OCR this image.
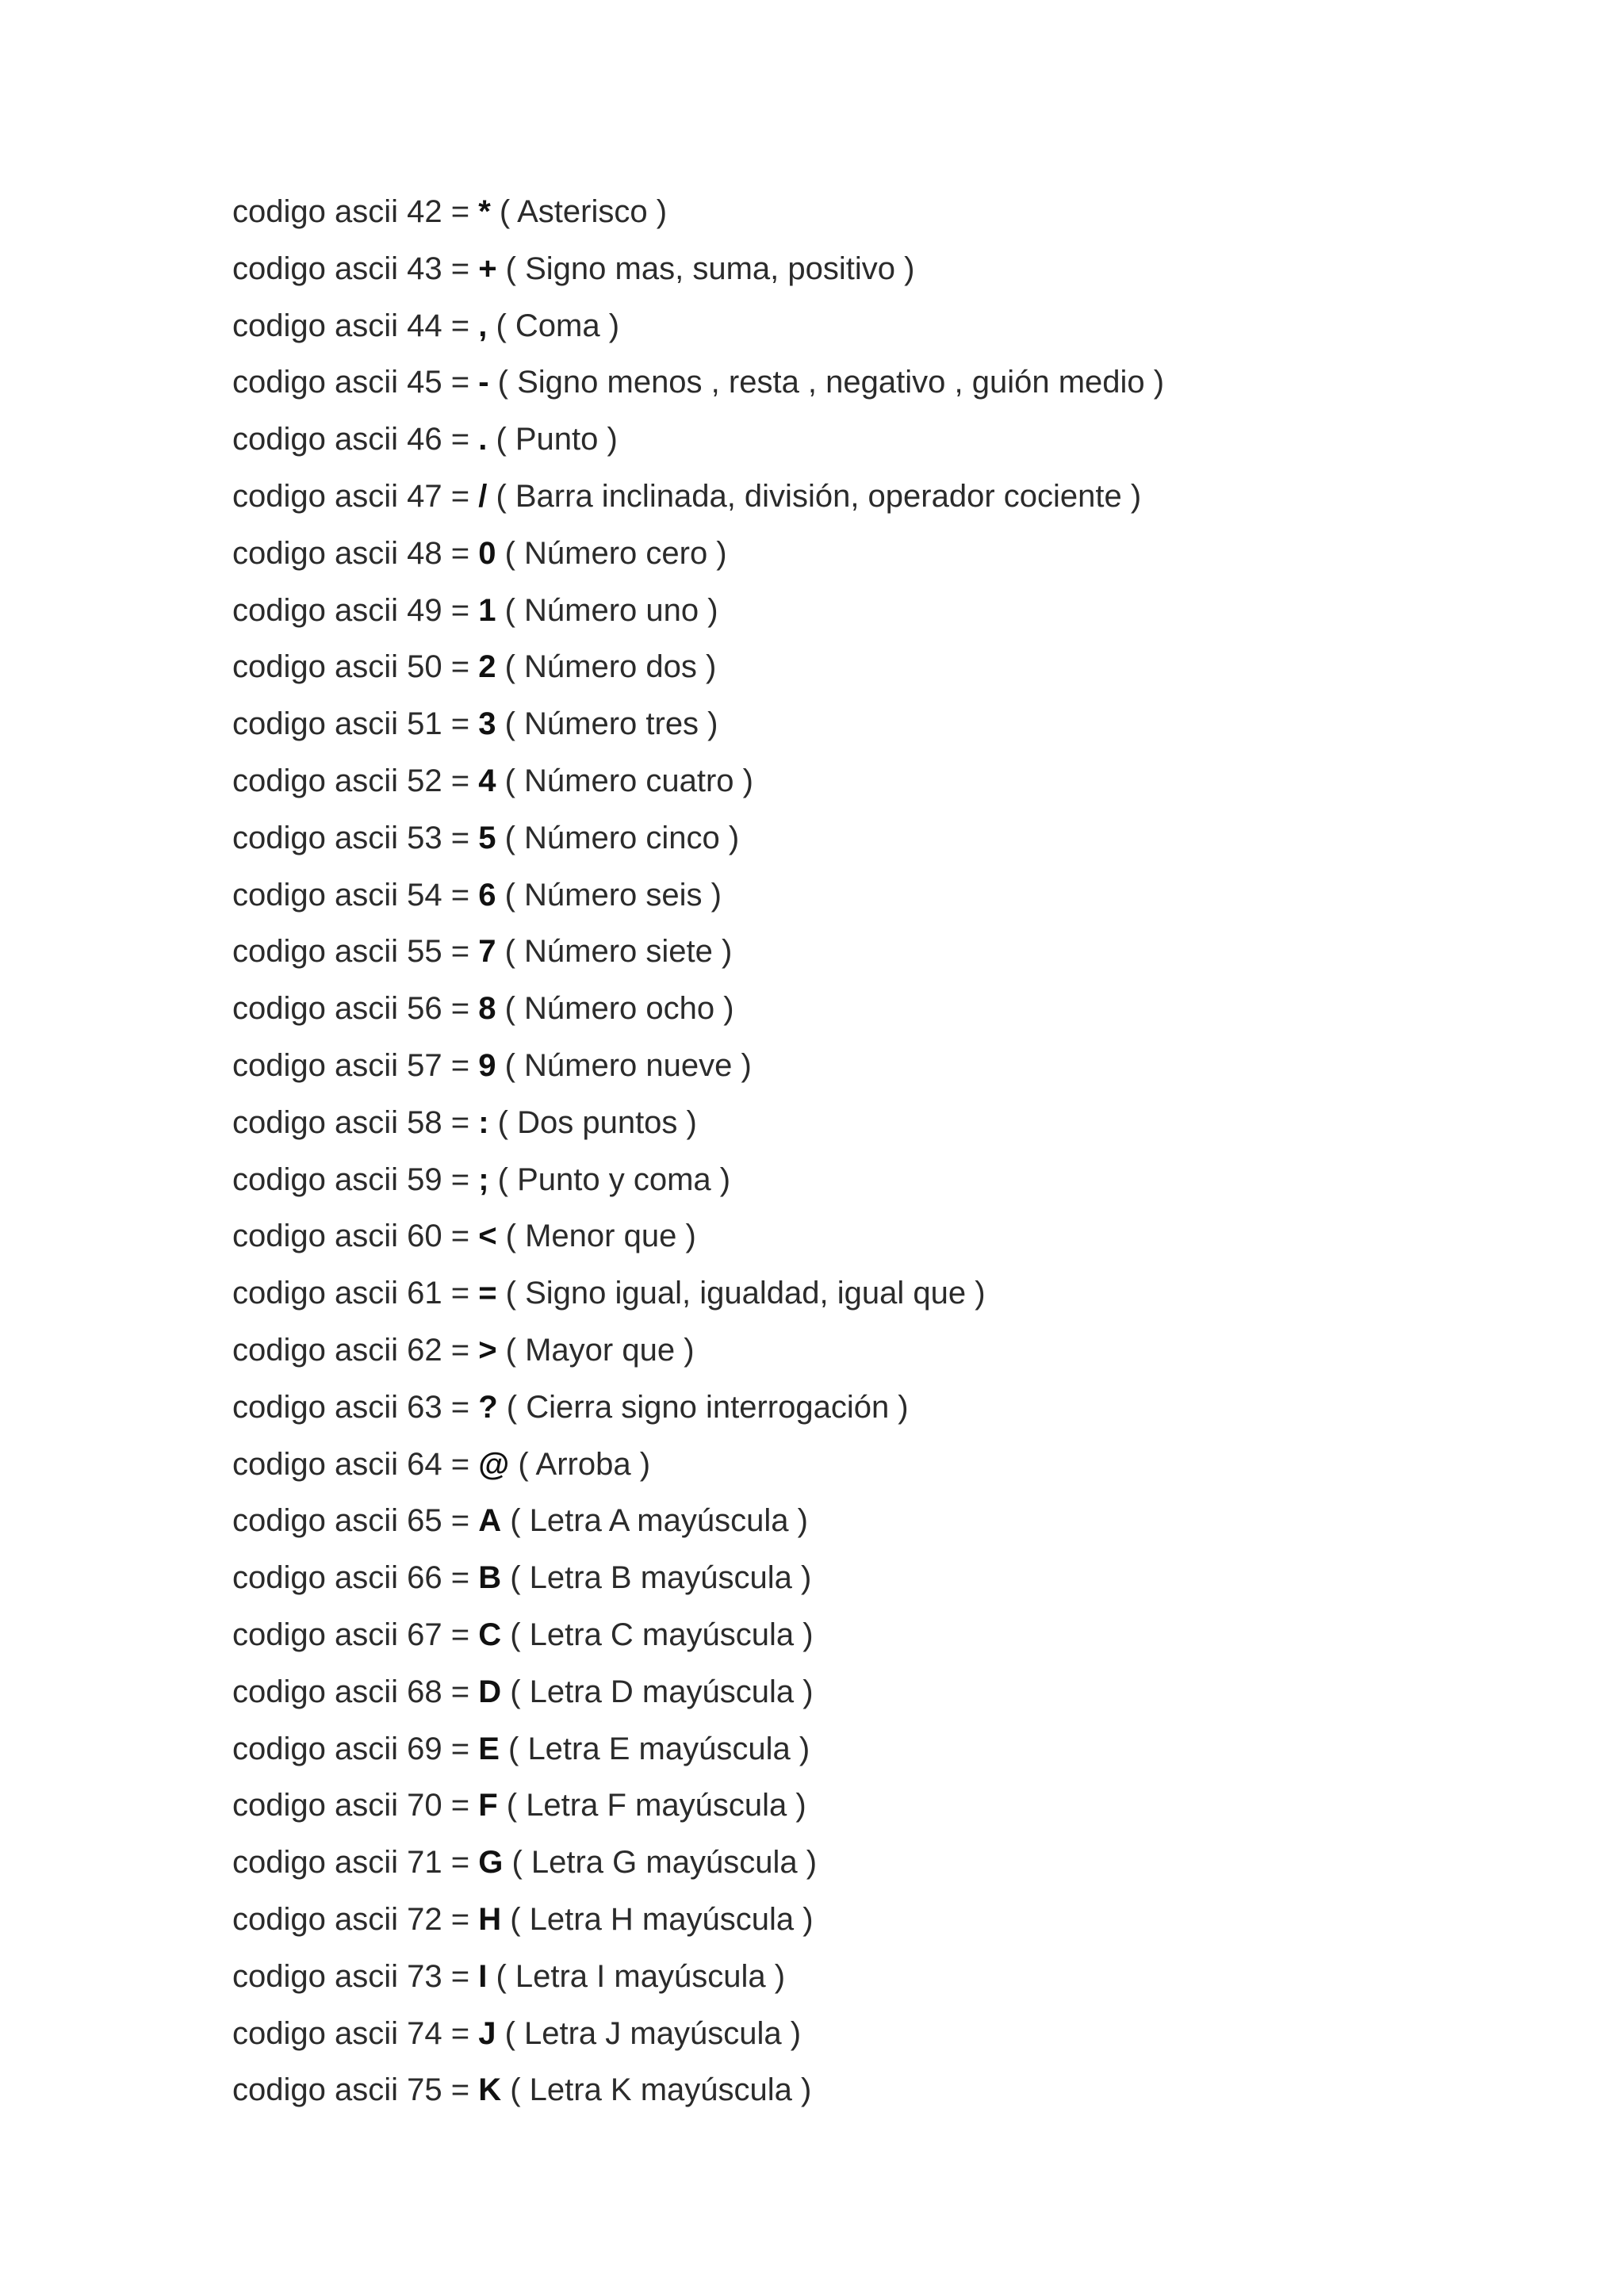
codigo ascii 42 = * ( Asterisco )
codigo ascii 43 = + ( Signo mas, suma, positivo )
codigo ascii 44 = , ( Coma )
codigo ascii 45 = - ( Signo menos , resta , negativo , guión medio )
codigo ascii 46 = . ( Punto )
codigo ascii 47 = / ( Barra inclinada, división, operador cociente )
codigo ascii 48 = 0 ( Número cero )
codigo ascii 49 = 1 ( Número uno )
codigo ascii 50 = 2 ( Número dos )
codigo ascii 51 = 3 ( Número tres )
codigo ascii 52 = 4 ( Número cuatro )
codigo ascii 53 = 5 ( Número cinco )
codigo ascii 54 = 6 ( Número seis )
codigo ascii 55 = 7 ( Número siete )
codigo ascii 56 = 8 ( Número ocho )
codigo ascii 57 = 9 ( Número nueve )
codigo ascii 58 = : ( Dos puntos )
codigo ascii 59 = ; ( Punto y coma )
codigo ascii 60 = < ( Menor que )
codigo ascii 61 = = ( Signo igual, igualdad, igual que )
codigo ascii 62 = > ( Mayor que )
codigo ascii 63 = ? ( Cierra signo interrogación )
codigo ascii 64 = @ ( Arroba )
codigo ascii 65 = A ( Letra A mayúscula )
codigo ascii 66 = B ( Letra B mayúscula )
codigo ascii 67 = C ( Letra C mayúscula )
codigo ascii 68 = D ( Letra D mayúscula )
codigo ascii 69 = E ( Letra E mayúscula )
codigo ascii 70 = F ( Letra F mayúscula )
codigo ascii 71 = G ( Letra G mayúscula )
codigo ascii 72 = H ( Letra H mayúscula )
codigo ascii 73 = I ( Letra I mayúscula )
codigo ascii 74 = J ( Letra J mayúscula )
codigo ascii 75 = K ( Letra K mayúscula )
